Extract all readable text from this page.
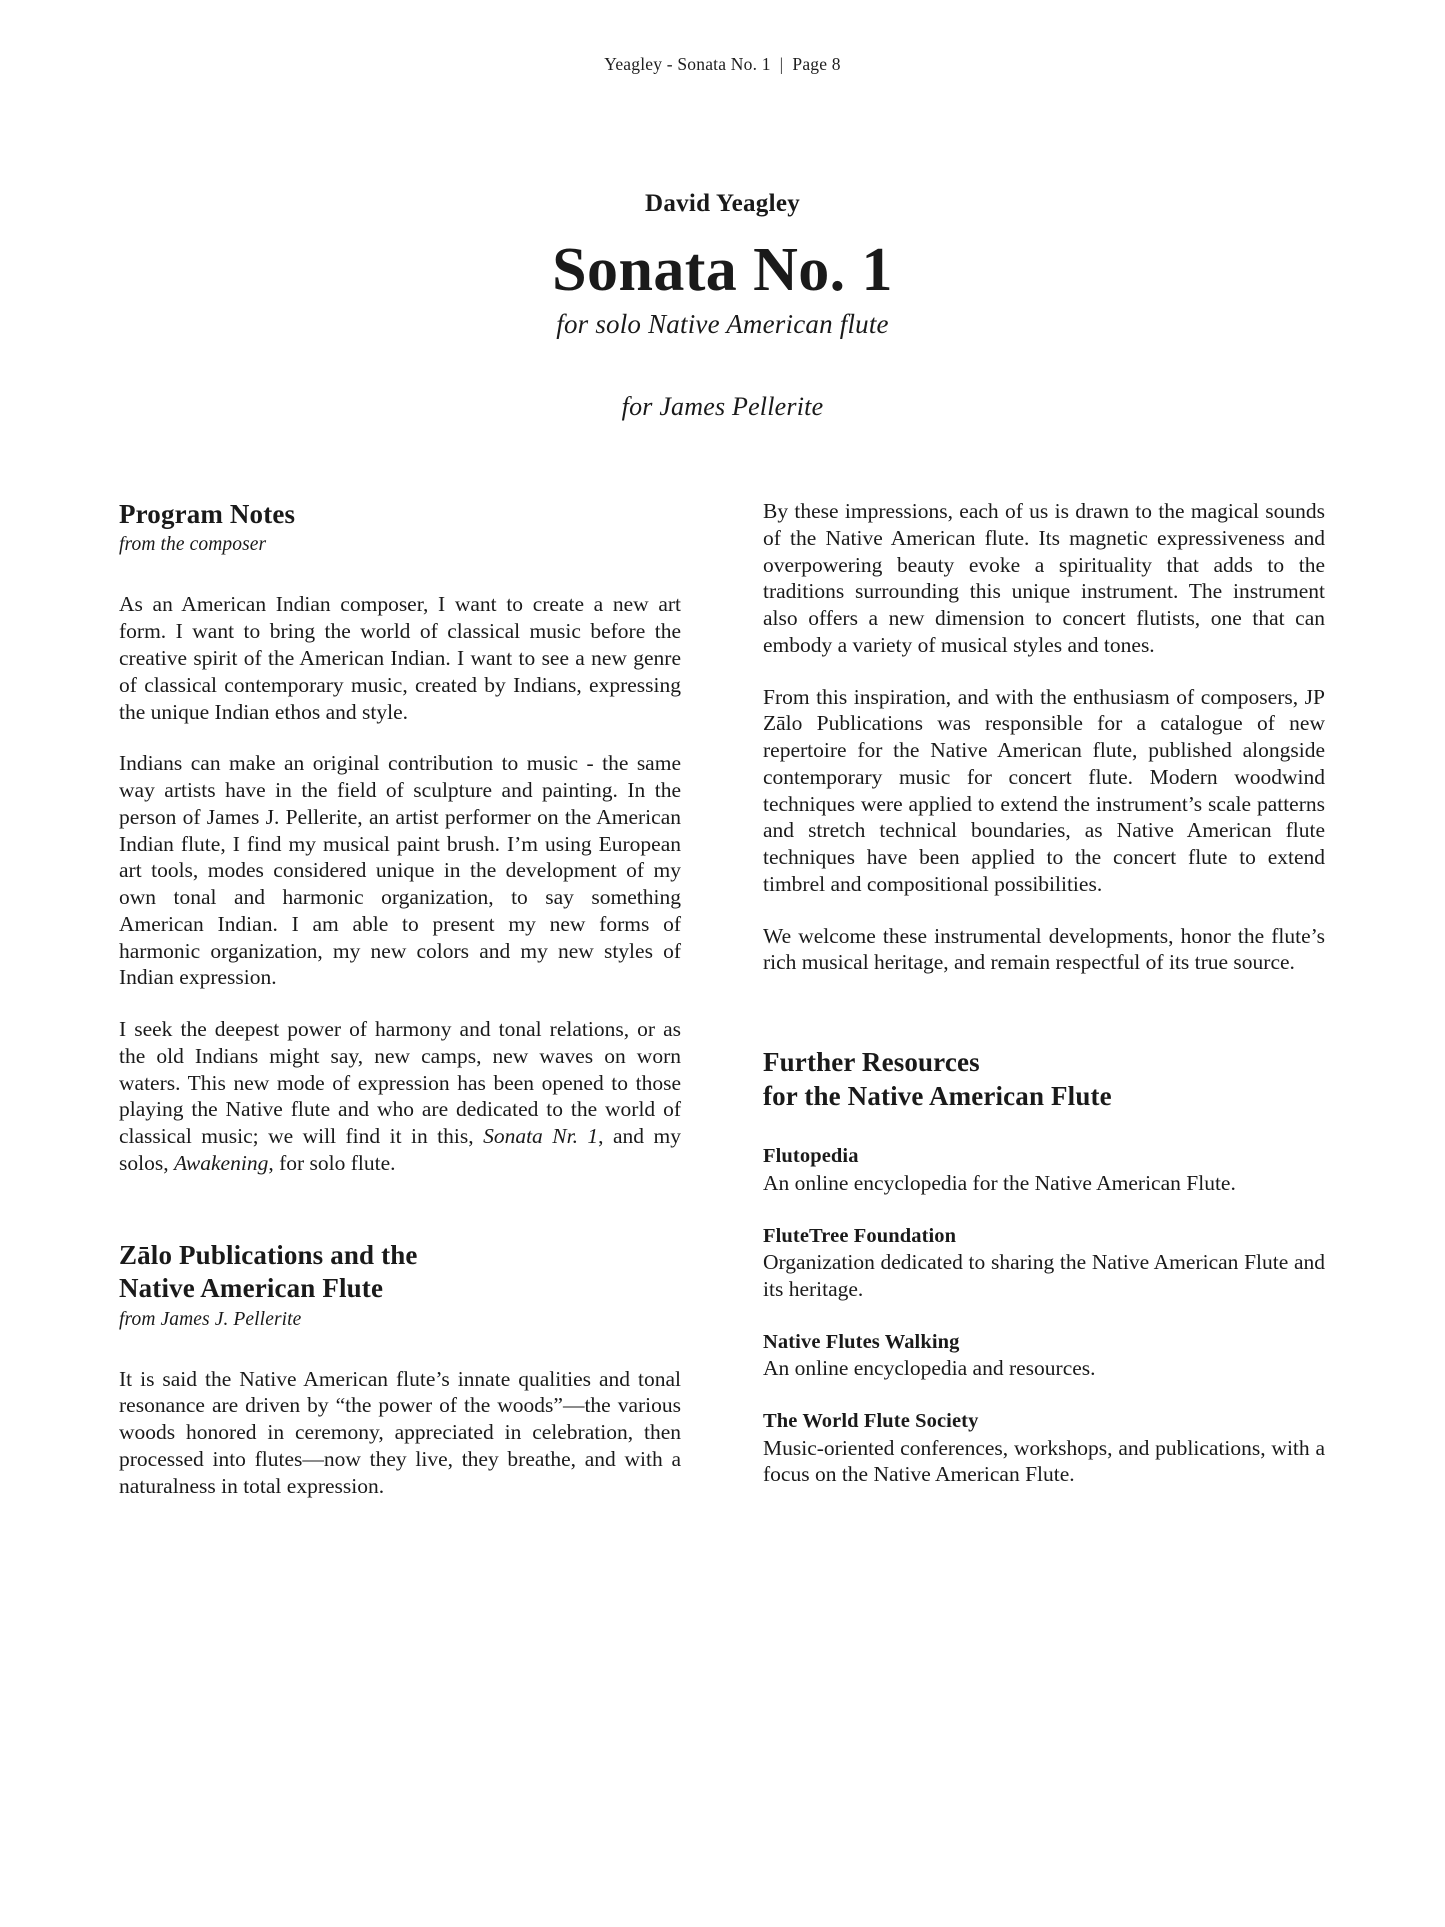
Yeagley - Sonata No. 1 | Page 8
David Yeagley
Sonata No. 1
for solo Native American flute
for James Pellerite
Program Notes
from the composer

As an American Indian composer, I want to create a new art form. I want to bring the world of classical music before the creative spirit of the American Indian. I want to see a new genre of classical contemporary music, created by Indians, expressing the unique Indian ethos and style.

Indians can make an original contribution to music - the same way artists have in the field of sculpture and painting. In the person of James J. Pellerite, an artist performer on the American Indian flute, I find my musical paint brush. I’m using European art tools, modes considered unique in the development of my own tonal and harmonic organization, to say something American Indian. I am able to present my new forms of harmonic organization, my new colors and my new styles of Indian expression.

I seek the deepest power of harmony and tonal relations, or as the old Indians might say, new camps, new waves on worn waters. This new mode of expression has been opened to those playing the Native flute and who are dedicated to the world of classical music; we will find it in this, Sonata Nr. 1, and my solos, Awakening, for solo flute.

Zālo Publications and the
Native American Flute
from James J. Pellerite

It is said the Native American flute’s innate qualities and tonal resonance are driven by “the power of the woods”—the various woods honored in ceremony, appreciated in celebration, then processed into flutes—now they live, they breathe, and with a naturalness in total expression.

By these impressions, each of us is drawn to the magical sounds of the Native American flute. Its magnetic expressiveness and overpowering beauty evoke a spirituality that adds to the traditions surrounding this unique instrument. The instrument also offers a new dimension to concert flutists, one that can embody a variety of musical styles and tones.

From this inspiration, and with the enthusiasm of composers, JP Zālo Publications was responsible for a catalogue of new repertoire for the Native American flute, published alongside contemporary music for concert flute. Modern woodwind techniques were applied to extend the instrument’s scale patterns and stretch technical boundaries, as Native American flute techniques have been applied to the concert flute to extend timbrel and compositional possibilities.

We welcome these instrumental developments, honor the flute’s rich musical heritage, and remain respectful of its true source.

Further Resources
for the Native American Flute
Flutopedia
An online encyclopedia for the Native American Flute.
FluteTree Foundation
Organization dedicated to sharing the Native American Flute and its heritage.
Native Flutes Walking
An online encyclopedia and resources.
The World Flute Society
Music-oriented conferences, workshops, and publications, with a focus on the Native American Flute.
